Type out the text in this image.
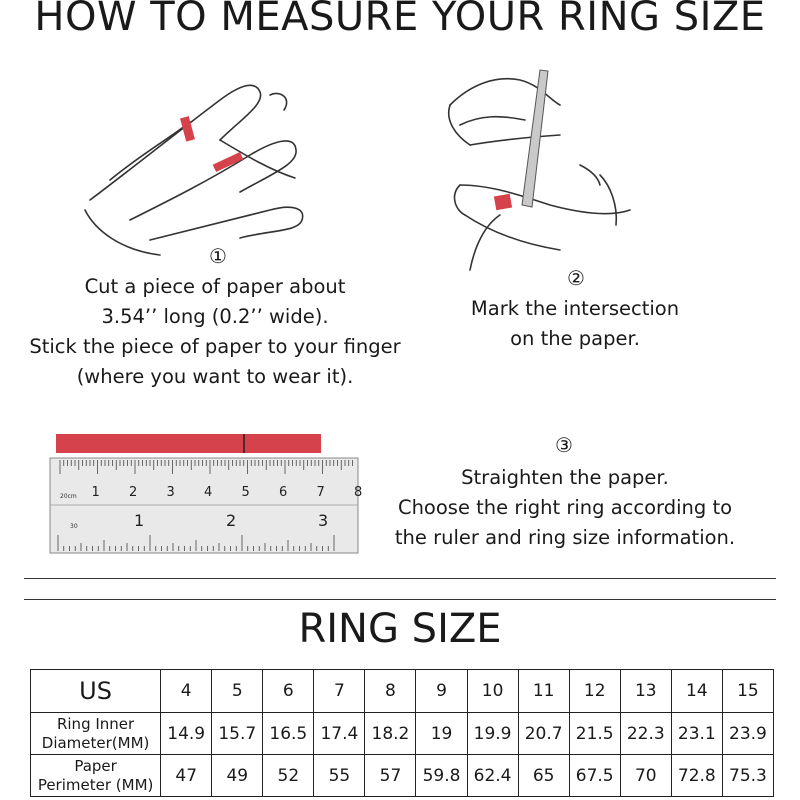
HOW TO MEASURE YOUR RING SIZE
①
Cut a piece of paper about
3.54’’ long (0.2’’ wide).
Stick the piece of paper to your finger
(where you want to wear it).
②
Mark the intersection
on the paper.
20cm
30
1 2 3 4 5 6 7 8
1	2	3
③
Straighten the paper.
Choose the right ring according to
the ruler and ring size information.
RING SIZE
US	4	5	6	7	8	9	10	11	12	13	14	15

Ring Inner
Diameter(MM)	14.9	15.7	16.5	17.4	18.2	19	19.9	20.7	21.5	22.3	23.1	23.9

Paper
Perimeter (MM)	47	49	52	55	57	59.8	62.4	65	67.5	70	72.8	75.3
